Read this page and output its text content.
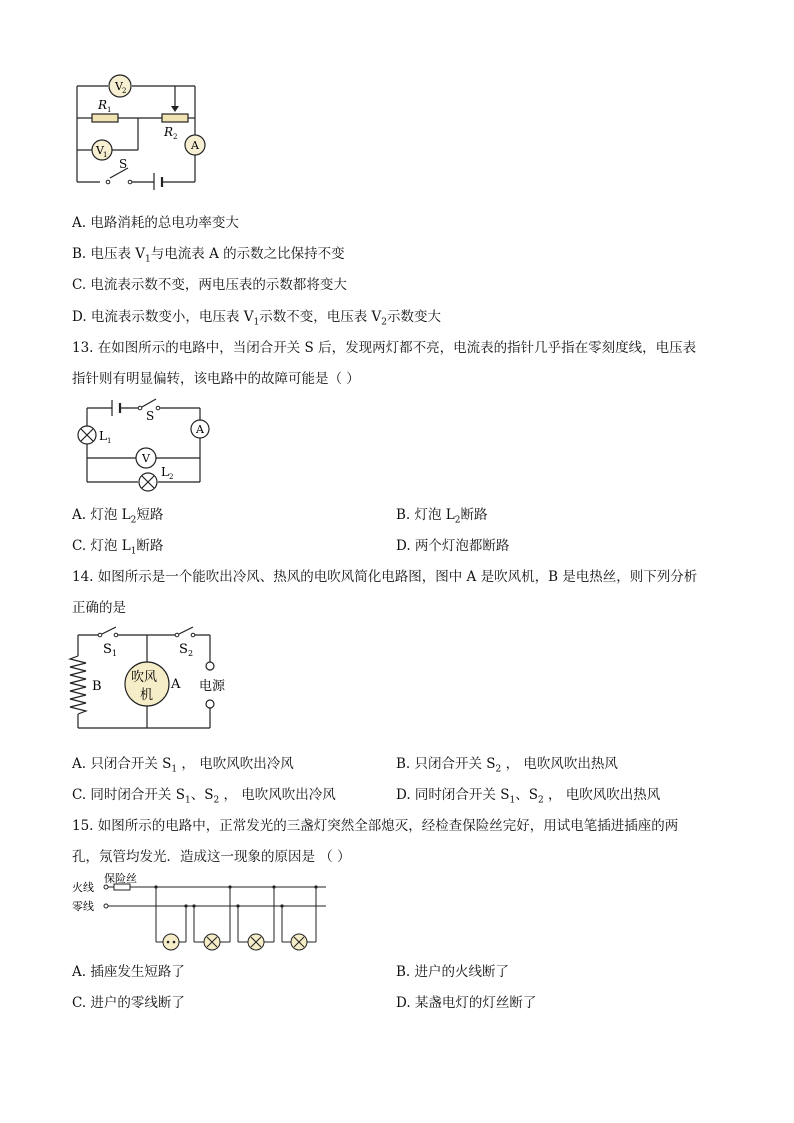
V 2
A
V 1
R 1
R 2
S
A. 电路消耗的总电功率变大
B. 电压表 $V_1$与电流表 A 的示数之比保持不变
C. 电流表示数不变，两电压表的示数都将变大
D. 电流表示数变小，电压表 $V_1$示数不变，电压表 $V_2$示数变大
13. 在如图所示的电路中，当闭合开关 S 后，发现两灯都不亮，电流表的指针几乎指在零刻度线，电压表
指针则有明显偏转，该电路中的故障可能是（ ）
S
A
L 1
V
L 2
A. 灯泡 $L_2$短路	B. 灯泡 $L_2$断路
C. 灯泡 $L_1$断路	D. 两个灯泡都断路
14. 如图所示是一个能吹出冷风、热风的电吹风简化电路图，图中 A 是吹风机，B 是电热丝，则下列分析
正确的是
吹风
机
S 1	S 2
B	A 电源
A. 只闭合开关 $S_1$ ， 电吹风吹出冷风	B. 只闭合开关 $S_2$ ， 电吹风吹出热风
C. 同时闭合开关 $S_1$、$S_2$ ， 电吹风吹出冷风	D. 同时闭合开关 $S_1$、$S_2$ ， 电吹风吹出热风
15. 如图所示的电路中，正常发光的三盏灯突然全部熄灭，经检查保险丝完好，用试电笔插进插座的两
孔，氖管均发光．造成这一现象的原因是 （ ）
火线
保险丝
零线
A. 插座发生短路了	B. 进户的火线断了
C. 进户的零线断了	D. 某盏电灯的灯丝断了
